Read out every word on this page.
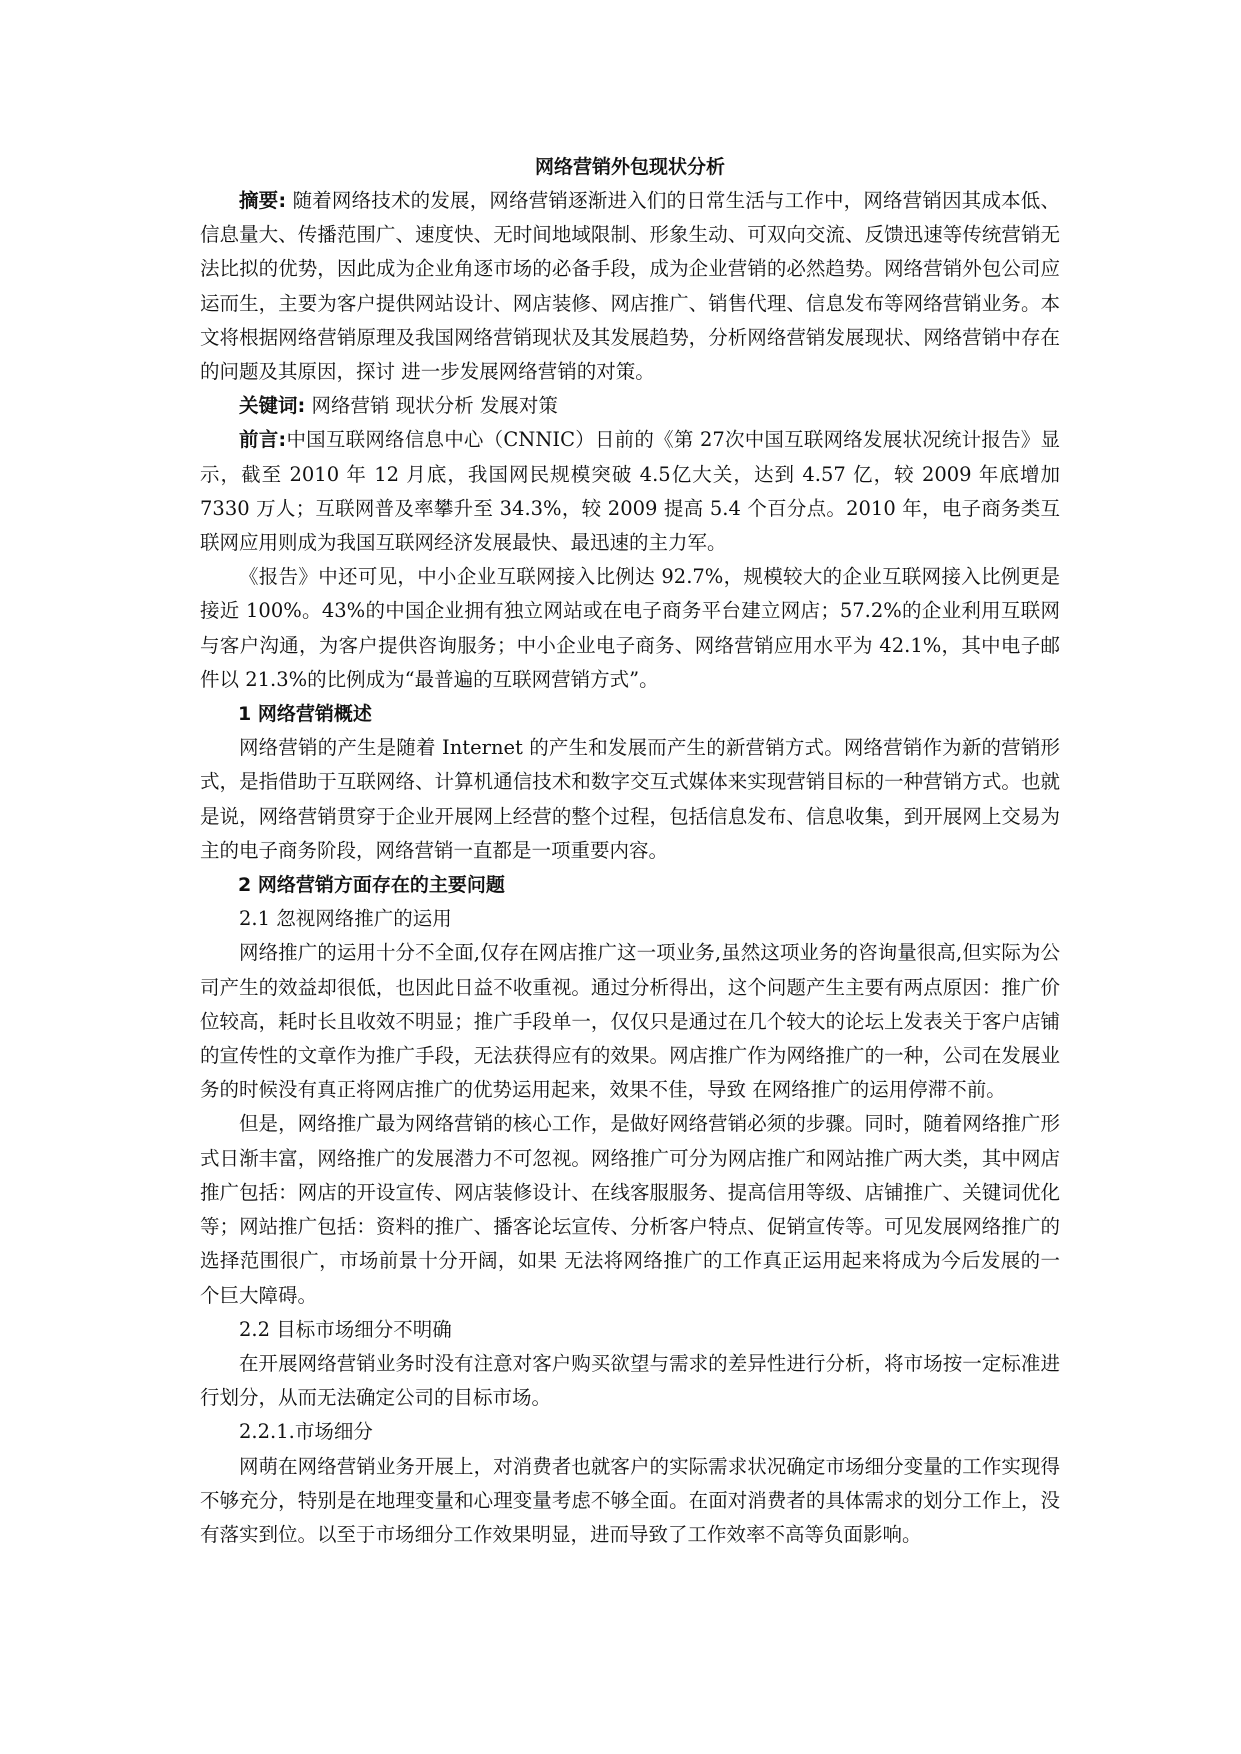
网络营销外包现状分析

摘要: 随着网络技术的发展，网络营销逐渐进入们的日常生活与工作中，网络营销因其成本低、信息量大、传播范围广、速度快、无时间地域限制、形象生动、可双向交流、反馈迅速等传统营销无法比拟的优势，因此成为企业角逐市场的必备手段，成为企业营销的必然趋势。网络营销外包公司应运而生，主要为客户提供网站设计、网店装修、网店推广、销售代理、信息发布等网络营销业务。本文将根据网络营销原理及我国网络营销现状及其发展趋势，分析网络营销发展现状、网络营销中存在的问题及其原因，探讨 进一步发展网络营销的对策。

关键词: 网络营销 现状分析 发展对策

前言:中国互联网络信息中心（CNNIC）日前的《第 27次中国互联网络发展状况统计报告》显示，截至 2010 年 12 月底，我国网民规模突破 4.5亿大关，达到 4.57 亿，较 2009 年底增加 7330 万人；互联网普及率攀升至 34.3%，较 2009 提高 5.4 个百分点。2010 年，电子商务类互联网应用则成为我国互联网经济发展最快、最迅速的主力军。

《报告》中还可见，中小企业互联网接入比例达 92.7%，规模较大的企业互联网接入比例更是接近 100%。43%的中国企业拥有独立网站或在电子商务平台建立网店；57.2%的企业利用互联网与客户沟通，为客户提供咨询服务；中小企业电子商务、网络营销应用水平为 42.1%，其中电子邮件以 21.3%的比例成为“最普遍的互联网营销方式”。

1 网络营销概述

网络营销的产生是随着 Internet 的产生和发展而产生的新营销方式。网络营销作为新的营销形式，是指借助于互联网络、计算机通信技术和数字交互式媒体来实现营销目标的一种营销方式。也就是说，网络营销贯穿于企业开展网上经营的整个过程，包括信息发布、信息收集，到开展网上交易为主的电子商务阶段，网络营销一直都是一项重要内容。

2 网络营销方面存在的主要问题

2.1 忽视网络推广的运用

网络推广的运用十分不全面,仅存在网店推广这一项业务,虽然这项业务的咨询量很高,但实际为公司产生的效益却很低，也因此日益不收重视。通过分析得出，这个问题产生主要有两点原因：推广价位较高，耗时长且收效不明显；推广手段单一，仅仅只是通过在几个较大的论坛上发表关于客户店铺的宣传性的文章作为推广手段，无法获得应有的效果。网店推广作为网络推广的一种，公司在发展业务的时候没有真正将网店推广的优势运用起来，效果不佳，导致 在网络推广的运用停滞不前。

但是，网络推广最为网络营销的核心工作，是做好网络营销必须的步骤。同时，随着网络推广形式日渐丰富，网络推广的发展潜力不可忽视。网络推广可分为网店推广和网站推广两大类，其中网店推广包括：网店的开设宣传、网店装修设计、在线客服服务、提高信用等级、店铺推广、关键词优化等；网站推广包括：资料的推广、播客论坛宣传、分析客户特点、促销宣传等。可见发展网络推广的选择范围很广，市场前景十分开阔，如果 无法将网络推广的工作真正运用起来将成为今后发展的一个巨大障碍。

2.2 目标市场细分不明确

在开展网络营销业务时没有注意对客户购买欲望与需求的差异性进行分析，将市场按一定标准进行划分，从而无法确定公司的目标市场。

2.2.1.市场细分

网萌在网络营销业务开展上，对消费者也就客户的实际需求状况确定市场细分变量的工作实现得不够充分，特别是在地理变量和心理变量考虑不够全面。在面对消费者的具体需求的划分工作上，没有落实到位。以至于市场细分工作效果明显，进而导致了工作效率不高等负面影响。
